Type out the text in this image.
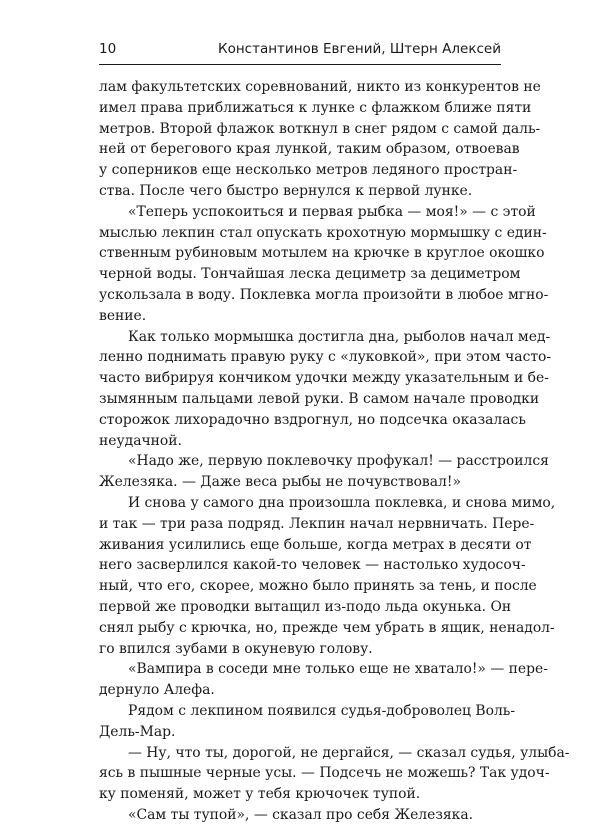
10	Константинов Евгений, Штерн Алексей
лам факультетских соревнований, никто из конкурентов не
имел права приближаться к лунке с флажком ближе пяти
метров. Второй флажок воткнул в снег рядом с самой даль-
ней от берегового края лункой, таким образом, отвоевав
у соперников еще несколько метров ледяного простран-
ства. После чего быстро вернулся к первой лунке.
«Теперь успокоиться и первая рыбка — моя!» — с этой
мыслью лекпин стал опускать крохотную мормышку с един-
ственным рубиновым мотылем на крючке в круглое окошко
черной воды. Тончайшая леска дециметр за дециметром
ускользала в воду. Поклевка могла произойти в любое мгно-
вение.
Как только мормышка достигла дна, рыболов начал мед-
ленно поднимать правую руку с «луковкой», при этом часто-
часто вибрируя кончиком удочки между указательным и бе-
зымянным пальцами левой руки. В самом начале проводки
сторожок лихорадочно вздрогнул, но подсечка оказалась
неудачной.
«Надо же, первую поклевочку профукал! — расстроился
Железяка. — Даже веса рыбы не почувствовал!»
И снова у самого дна произошла поклевка, и снова мимо,
и так — три раза подряд. Лекпин начал нервничать. Пере-
живания усилились еще больше, когда метрах в десяти от
него засверлился какой-то человек — настолько худосоч-
ный, что его, скорее, можно было принять за тень, и после
первой же проводки вытащил из-подо льда окунька. Он
снял рыбу с крючка, но, прежде чем убрать в ящик, ненадол-
го впился зубами в окуневую голову.
«Вампира в соседи мне только еще не хватало!» — пере-
дернуло Алефа.
Рядом с лекпином появился судья-доброволец Воль-
Дель-Мар.
— Ну, что ты, дорогой, не дергайся, — сказал судья, улыба-
ясь в пышные черные усы. — Подсечь не можешь? Так удоч-
ку поменяй, может у тебя крючочек тупой.
«Сам ты тупой», — сказал про себя Железяка.
